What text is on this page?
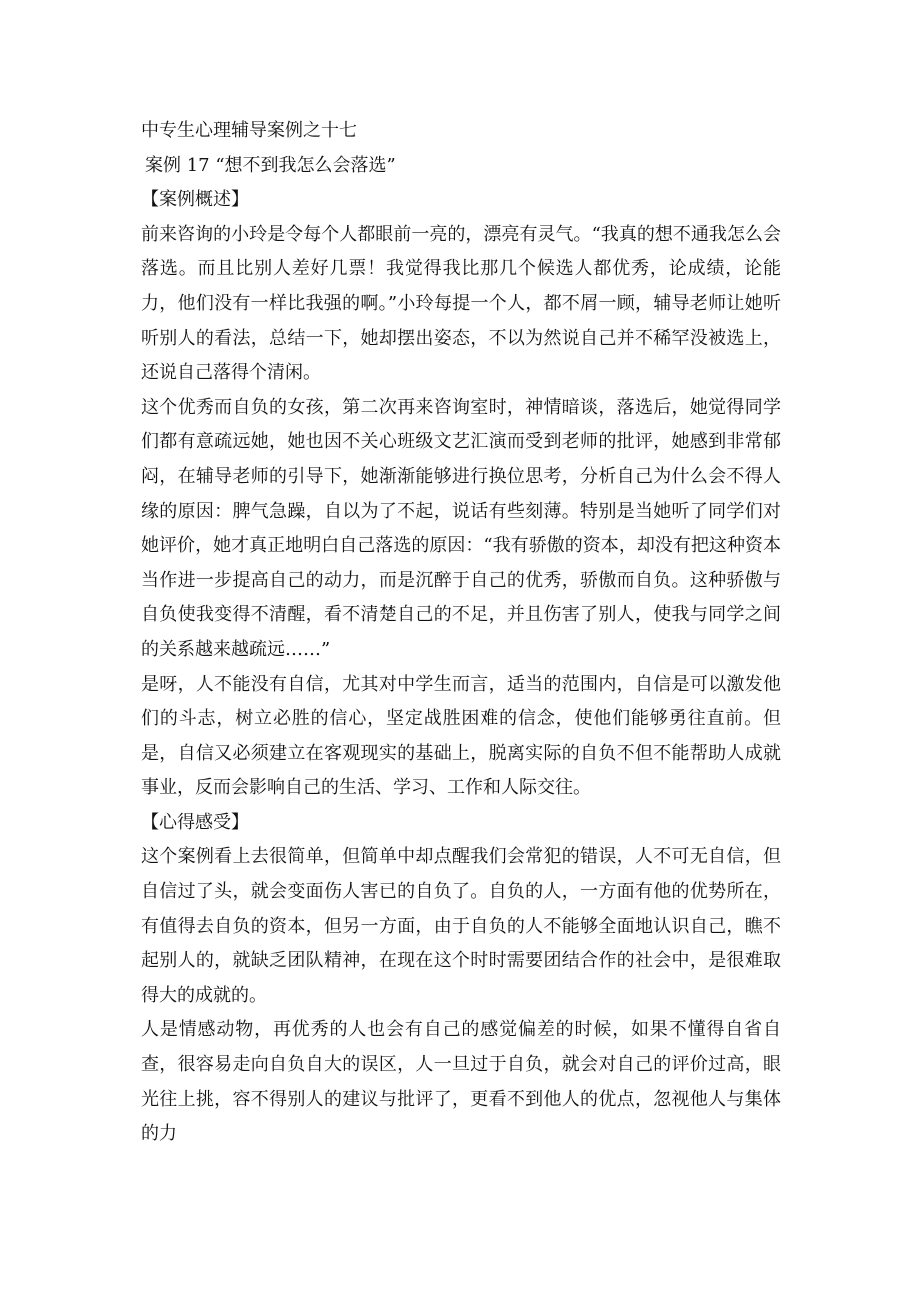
中专生心理辅导案例之十七

案例 17 “想不到我怎么会落选”

【案例概述】

前来咨询的小玲是令每个人都眼前一亮的，漂亮有灵气。“我真的想不通我怎么会落选。而且比别人差好几票！我觉得我比那几个候选人都优秀，论成绩，论能力，他们没有一样比我强的啊。”小玲每提一个人，都不屑一顾，辅导老师让她听听别人的看法，总结一下，她却摆出姿态，不以为然说自己并不稀罕没被选上，还说自己落得个清闲。

这个优秀而自负的女孩，第二次再来咨询室时，神情暗谈，落选后，她觉得同学们都有意疏远她，她也因不关心班级文艺汇演而受到老师的批评，她感到非常郁闷，在辅导老师的引导下，她渐渐能够进行换位思考，分析自己为什么会不得人缘的原因：脾气急躁，自以为了不起，说话有些刻薄。特别是当她听了同学们对她评价，她才真正地明白自己落选的原因：“我有骄傲的资本，却没有把这种资本当作进一步提高自己的动力，而是沉醉于自己的优秀，骄傲而自负。这种骄傲与自负使我变得不清醒，看不清楚自己的不足，并且伤害了别人，使我与同学之间的关系越来越疏远……”

是呀，人不能没有自信，尤其对中学生而言，适当的范围内，自信是可以激发他们的斗志，树立必胜的信心，坚定战胜困难的信念，使他们能够勇往直前。但是，自信又必须建立在客观现实的基础上，脱离实际的自负不但不能帮助人成就事业，反而会影响自己的生活、学习、工作和人际交往。

【心得感受】

这个案例看上去很简单，但简单中却点醒我们会常犯的错误，人不可无自信，但自信过了头，就会变面伤人害已的自负了。自负的人，一方面有他的优势所在，有值得去自负的资本，但另一方面，由于自负的人不能够全面地认识自己，瞧不起别人的，就缺乏团队精神，在现在这个时时需要团结合作的社会中，是很难取得大的成就的。

人是情感动物，再优秀的人也会有自己的感觉偏差的时候，如果不懂得自省自查，很容易走向自负自大的误区，人一旦过于自负，就会对自己的评价过高，眼光往上挑，容不得别人的建议与批评了，更看不到他人的优点，忽视他人与集体的力
